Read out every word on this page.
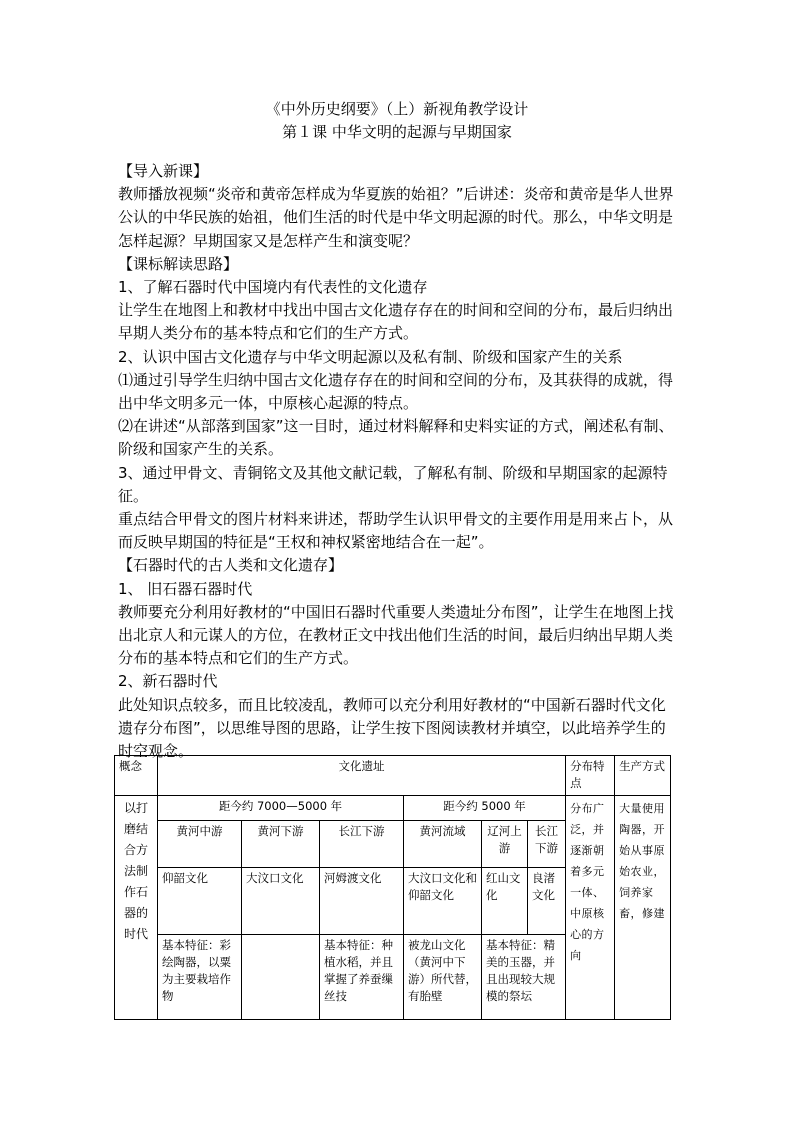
《中外历史纲要》（上）新视角教学设计
第１课 中华文明的起源与早期国家

【导入新课】

教师播放视频“炎帝和黄帝怎样成为华夏族的始祖？”后讲述：炎帝和黄帝是华人世界公认的中华民族的始祖，他们生活的时代是中华文明起源的时代。那么，中华文明是怎样起源？早期国家又是怎样产生和演变呢？

【课标解读思路】

1、了解石器时代中国境内有代表性的文化遗存

让学生在地图上和教材中找出中国古文化遗存存在的时间和空间的分布，最后归纳出早期人类分布的基本特点和它们的生产方式。

2、认识中国古文化遗存与中华文明起源以及私有制、阶级和国家产生的关系

⑴通过引导学生归纳中国古文化遗存存在的时间和空间的分布，及其获得的成就，得出中华文明多元一体，中原核心起源的特点。

⑵在讲述“从部落到国家”这一目时，通过材料解释和史料实证的方式，阐述私有制、阶级和国家产生的关系。

3、通过甲骨文、青铜铭文及其他文献记载，了解私有制、阶级和早期国家的起源特征。

重点结合甲骨文的图片材料来讲述，帮助学生认识甲骨文的主要作用是用来占卜，从而反映早期国的特征是“王权和神权紧密地结合在一起”。

【石器时代的古人类和文化遗存】

1、 旧石器石器时代

教师要充分利用好教材的“中国旧石器时代重要人类遗址分布图”，让学生在地图上找出北京人和元谋人的方位，在教材正文中找出他们生活的时间，最后归纳出早期人类分布的基本特点和它们的生产方式。

2、新石器时代

此处知识点较多，而且比较凌乱，教师可以充分利用好教材的“中国新石器时代文化遗存分布图”，以思维导图的思路，让学生按下图阅读教材并填空，以此培养学生的时空观念。

概念	文化遗址						分布特点	生产方式
以打磨结合方法制作石器的时代	距今约 7000—5000 年			距今约 5000 年			分布广泛，并逐渐朝着多元一体、中原核心的方向	大量使用陶器，开始从事原始农业，饲养家畜，修建
	黄河中游	黄河下游	长江下游	黄河流域	辽河上游	长江下游		
	仰韶文化	大汶口文化	河姆渡文化	大汶口文化和仰韶文化	红山文化	良渚文化		
	基本特征：彩绘陶器，以粟为主要栽培作物		基本特征：种植水稻，并且掌握了养蚕缫丝技	被龙山文化（黄河中下游）所代替，有胎壁	基本特征：精美的玉器，并且出现较大规模的祭坛			
